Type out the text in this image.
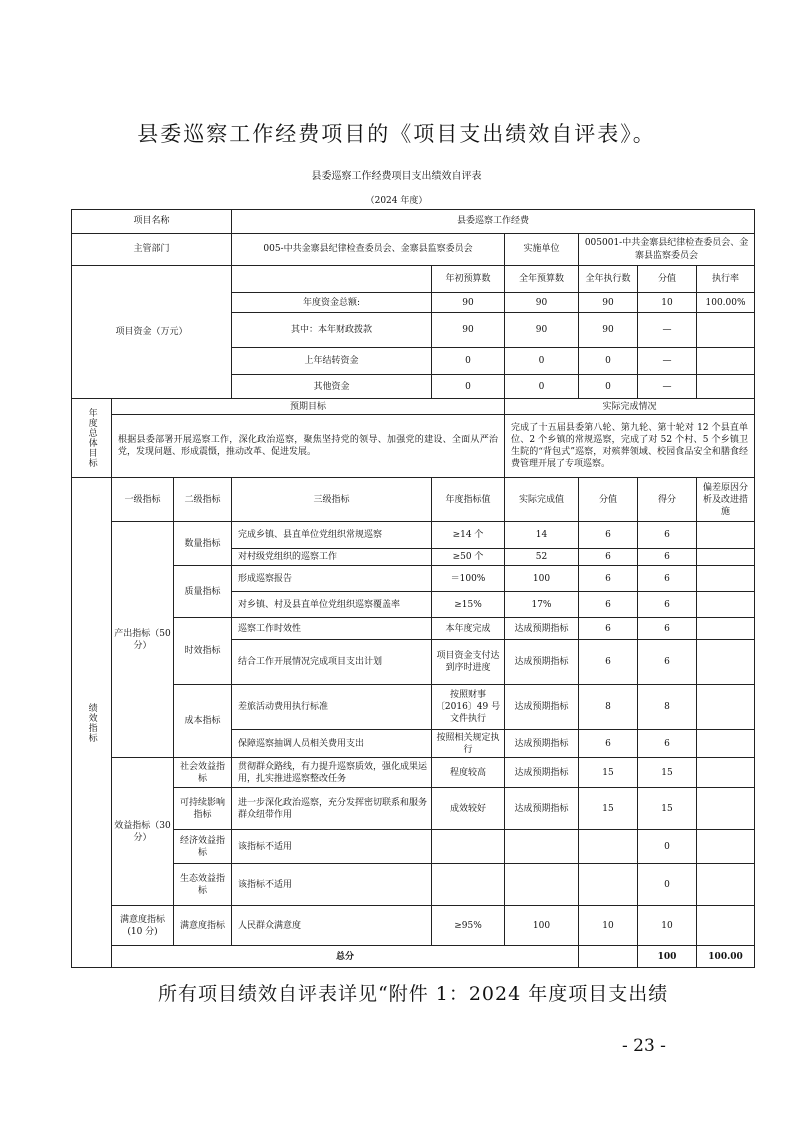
县委巡察工作经费项目的《项目支出绩效自评表》。
县委巡察工作经费项目支出绩效自评表
（2024 年度）
项目名称			县委巡察工作经费						
主管部门			005-中共金寨县纪律检查委员会、金寨县监察委员会		实施单位	005001-中共金寨县纪律检查委员会、金寨县监察委员会			
项目资金（万元）				年初预算数	全年预算数	全年执行数	分值	执行率	
			年度资金总额:	90	90	90	10	100.00%	
			其中：本年财政拨款	90	90	90	—		
			上年结转资金	0	0	0	—		
			其他资金	0	0	0	—		

年度总体目标	预期目标				实际完成情况				
	根据县委部署开展巡察工作，深化政治巡察，聚焦坚持党的领导、加强党的建设、全面从严治党，发现问题、形成震慑，推动改革、促进发展。				完成了十五届县委第八轮、第九轮、第十轮对 12 个县直单位、2 个乡镇的常规巡察，完成了对 52 个村、5 个乡镇卫生院的“背包式”巡察，对殡葬领域、校园食品安全和膳食经费管理开展了专项巡察。				

绩效指标	一级指标	二级指标	三级指标	年度指标值	实际完成值	分值	得分	偏差原因分析及改进措施	
	产出指标（50 分）	数量指标	完成乡镇、县直单位党组织常规巡察	≥14 个	14	6	6		
			对村级党组织的巡察工作	≥50 个	52	6	6		
		质量指标	形成巡察报告	＝100%	100	6	6		
			对乡镇、村及县直单位党组织巡察覆盖率	≥15%	17%	6	6		
		时效指标	巡察工作时效性	本年度完成	达成预期指标	6	6		
			结合工作开展情况完成项目支出计划	项目资金支付达到序时进度	达成预期指标	6	6		
		成本指标	差旅活动费用执行标准	按照财事〔2016〕49 号文件执行	达成预期指标	8	8		
			保障巡察抽调人员相关费用支出	按照相关规定执行	达成预期指标	6	6		
	效益指标（30 分）	社会效益指标	贯彻群众路线，有力提升巡察质效，强化成果运用，扎实推进巡察整改任务	程度较高	达成预期指标	15	15		
		可持续影响指标	进一步深化政治巡察，充分发挥密切联系和服务群众纽带作用	成效较好	达成预期指标	15	15		
		经济效益指标	该指标不适用				0		
		生态效益指标	该指标不适用				0		
	满意度指标(10 分)	满意度指标	人民群众满意度	≥95%	100	10	10		
	总分						100	100.00	
所有项目绩效自评表详见“附件 1：2024 年度项目支出绩
- 23 -
